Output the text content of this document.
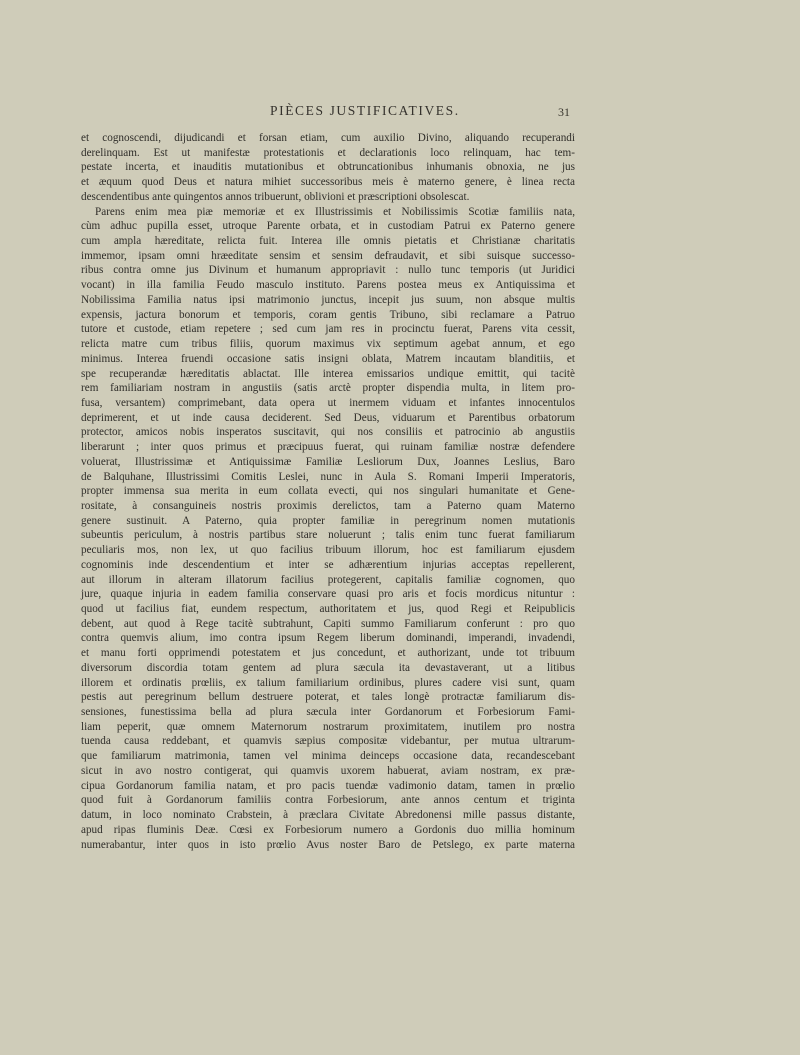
PIÈCES JUSTIFICATIVES.	31
et cognoscendi, dijudicandi et forsan etiam, cum auxilio Divino, aliquando recuperandi
derelinquam. Est ut manifestæ protestationis et declarationis loco relinquam, hac tem-
pestate incerta, et inauditis mutationibus et obtruncationibus inhumanis obnoxia, ne jus
et æquum quod Deus et natura mihiet successoribus meis è materno genere, è linea recta
descendentibus ante quingentos annos tribuerunt, oblivioni et præscriptioni obsolescat.
Parens enim mea piæ memoriæ et ex Illustrissimis et Nobilissimis Scotiæ familiis nata,
cùm adhuc pupilla esset, utroque Parente orbata, et in custodiam Patrui ex Paterno genere
cum ampla hæreditate, relicta fuit. Interea ille omnis pietatis et Christianæ charitatis
immemor, ipsam omni hræeditate sensim et sensim defraudavit, et sibi suisque successo-
ribus contra omne jus Divinum et humanum appropriavit : nullo tunc temporis (ut Juridici
vocant) in illa familia Feudo masculo instituto. Parens postea meus ex Antiquissima et
Nobilissima Familia natus ipsi matrimonio junctus, incepit jus suum, non absque multis
expensis, jactura bonorum et temporis, coram gentis Tribuno, sibi reclamare a Patruo
tutore et custode, etiam repetere ; sed cum jam res in procinctu fuerat, Parens vita cessit,
relicta matre cum tribus filiis, quorum maximus vix septimum agebat annum, et ego
minimus. Interea fruendi occasione satis insigni oblata, Matrem incautam blanditiis, et
spe recuperandæ hæreditatis ablactat. Ille interea emissarios undique emittit, qui tacitè
rem familiariam nostram in angustiis (satis arctè propter dispendia multa, in litem pro-
fusa, versantem) comprimebant, data opera ut inermem viduam et infantes innocentulos
deprimerent, et ut inde causa deciderent. Sed Deus, viduarum et Parentibus orbatorum
protector, amicos nobis insperatos suscitavit, qui nos consiliis et patrocinio ab angustiis
liberarunt ; inter quos primus et præcipuus fuerat, qui ruinam familiæ nostræ defendere
voluerat, Illustrissimæ et Antiquissimæ Familiæ Lesliorum Dux, Joannes Leslius, Baro
de Balquhane, Illustrissimi Comitis Leslei, nunc in Aula S. Romani Imperii Imperatoris,
propter immensa sua merita in eum collata evecti, qui nos singulari humanitate et Gene-
rositate, à consanguineis nostris proximis derelictos, tam a Paterno quam Materno
genere sustinuit. A Paterno, quia propter familiæ in peregrinum nomen mutationis
subeuntis periculum, à nostris partibus stare noluerunt ; talis enim tunc fuerat familiarum
peculiaris mos, non lex, ut quo facilius tribuum illorum, hoc est familiarum ejusdem
cognominis inde descendentium et inter se adhærentium injurias acceptas repellerent,
aut illorum in alteram illatorum facilius protegerent, capitalis familiæ cognomen, quo
jure, quaque injuria in eadem familia conservare quasi pro aris et focis mordicus nituntur :
quod ut facilius fiat, eundem respectum, authoritatem et jus, quod Regi et Reipublicis
debent, aut quod à Rege tacitè subtrahunt, Capiti summo Familiarum conferunt : pro quo
contra quemvis alium, imo contra ipsum Regem liberum dominandi, imperandi, invadendi,
et manu forti opprimendi potestatem et jus concedunt, et authorizant, unde tot tribuum
diversorum discordia totam gentem ad plura sæcula ita devastaverant, ut a litibus
illorem et ordinatis prœliis, ex talium familiarium ordinibus, plures cadere visi sunt, quam
pestis aut peregrinum bellum destruere poterat, et tales longè protractæ familiarum dis-
sensiones, funestissima bella ad plura sæcula inter Gordanorum et Forbesiorum Fami-
liam peperit, quæ omnem Maternorum nostrarum proximitatem, inutilem pro nostra
tuenda causa reddebant, et quamvis sæpius compositæ videbantur, per mutua ultrarum-
que familiarum matrimonia, tamen vel minima deinceps occasione data, recandescebant
sicut in avo nostro contigerat, qui quamvis uxorem habuerat, aviam nostram, ex præ-
cipua Gordanorum familia natam, et pro pacis tuendæ vadimonio datam, tamen in prœlio
quod fuit à Gordanorum familiis contra Forbesiorum, ante annos centum et triginta
datum, in loco nominato Crabstein, à præclara Civitate Abredonensi mille passus distante,
apud ripas fluminis Deæ. Cœsi ex Forbesiorum numero a Gordonis duo millia hominum
numerabantur, inter quos in isto prœlio Avus noster Baro de Petslego, ex parte materna
